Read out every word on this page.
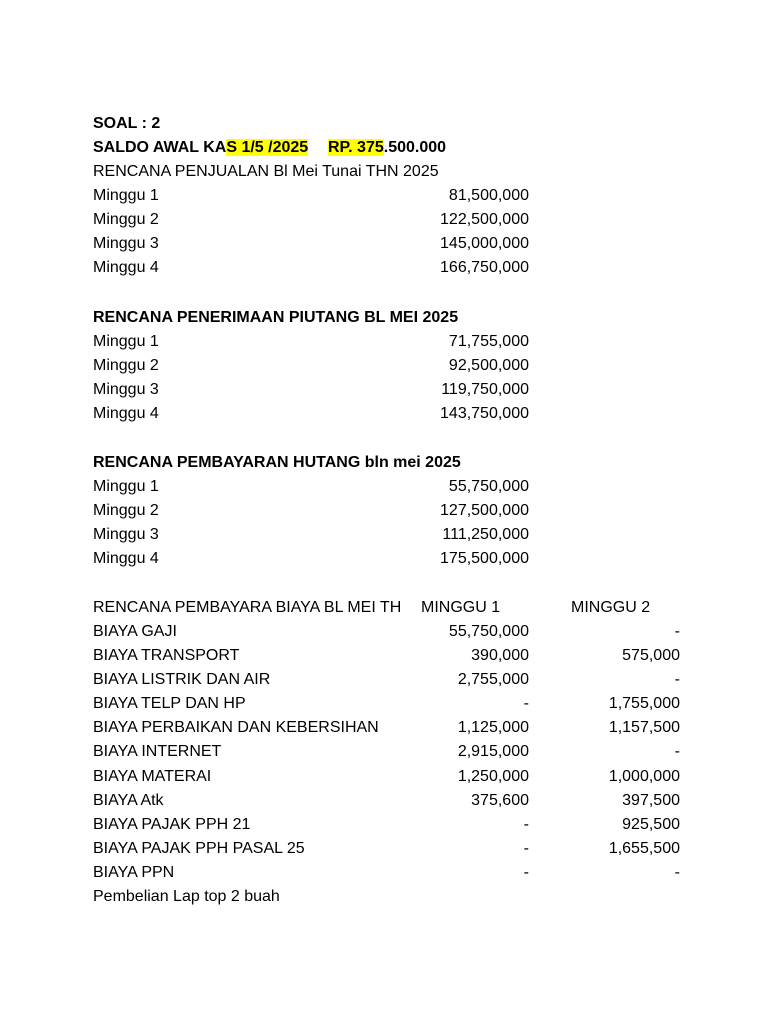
SOAL : 2
SALDO AWAL KAS 1/5 /2025 RP. 375.500.000
RENCANA PENJUALAN Bl Mei Tunai THN 2025
Minggu 1	81,500,000
Minggu 2	122,500,000
Minggu 3	145,000,000
Minggu 4	166,750,000
RENCANA PENERIMAAN PIUTANG BL MEI 2025
Minggu 1	71,755,000
Minggu 2	92,500,000
Minggu 3	119,750,000
Minggu 4	143,750,000
RENCANA PEMBAYARAN HUTANG bln mei 2025
Minggu 1	55,750,000
Minggu 2	127,500,000
Minggu 3	111,250,000
Minggu 4	175,500,000
RENCANA PEMBAYARA BIAYA BL MEI TH MINGGU 1	MINGGU 2
BIAYA GAJI	55,750,000	-
BIAYA TRANSPORT	390,000	575,000
BIAYA LISTRIK DAN AIR	2,755,000	-
BIAYA TELP DAN HP	-	1,755,000
BIAYA PERBAIKAN DAN KEBERSIHAN	1,125,000	1,157,500
BIAYA INTERNET	2,915,000	-
BIAYA MATERAI	1,250,000	1,000,000
BIAYA Atk	375,600	397,500
BIAYA PAJAK PPH 21	-	925,500
BIAYA PAJAK PPH PASAL 25	-	1,655,500
BIAYA PPN	-	-
Pembelian Lap top 2 buah
